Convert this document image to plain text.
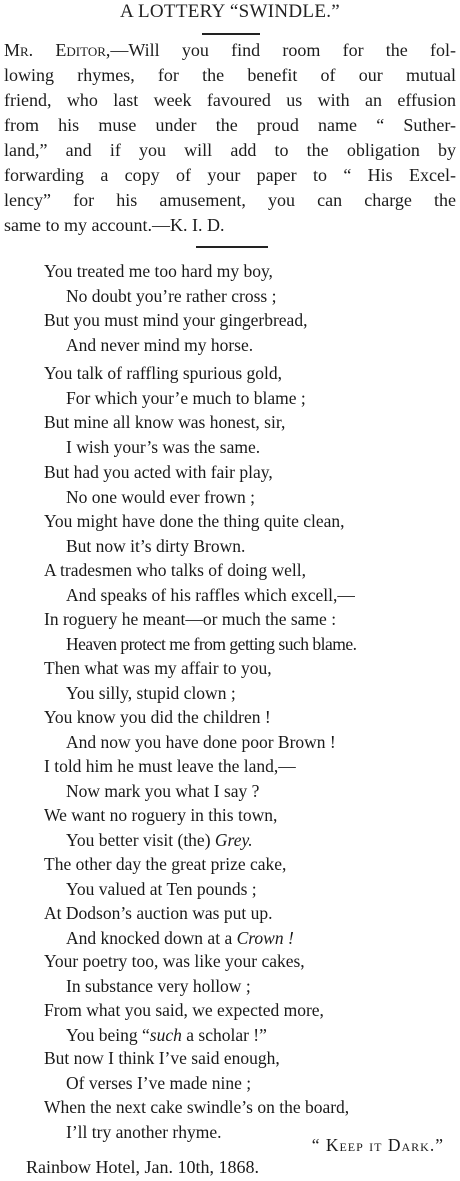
A LOTTERY “SWINDLE.”
Mr. Editor,—Will you find room for the fol-
lowing rhymes, for the benefit of our mutual
friend, who last week favoured us with an effusion
from his muse under the proud name “ Suther-
land,” and if you will add to the obligation by
forwarding a copy of your paper to “ His Excel-
lency” for his amusement, you can charge the
same to my account.—K. I. D.
You treated me too hard my boy,
No doubt you’re rather cross ;
But you must mind your gingerbread,
And never mind my horse.
You talk of raffling spurious gold,
For which your’e much to blame ;
But mine all know was honest, sir,
I wish your’s was the same.
But had you acted with fair play,
No one would ever frown ;
You might have done the thing quite clean,
But now it’s dirty Brown.
A tradesmen who talks of doing well,
And speaks of his raffles which excell,—
In roguery he meant—or much the same :
Heaven protect me from getting such blame.
Then what was my affair to you,
You silly, stupid clown ;
You know you did the children !
And now you have done poor Brown !
I told him he must leave the land,—
Now mark you what I say ?
We want no roguery in this town,
You better visit (the) Grey.
The other day the great prize cake,
You valued at Ten pounds ;
At Dodson’s auction was put up.
And knocked down at a Crown !
Your poetry too, was like your cakes,
In substance very hollow ;
From what you said, we expected more,
You being “such a scholar !”
But now I think I’ve said enough,
Of verses I’ve made nine ;
When the next cake swindle’s on the board,
I’ll try another rhyme.
“ Keep it Dark.”
Rainbow Hotel, Jan. 10th, 1868.
